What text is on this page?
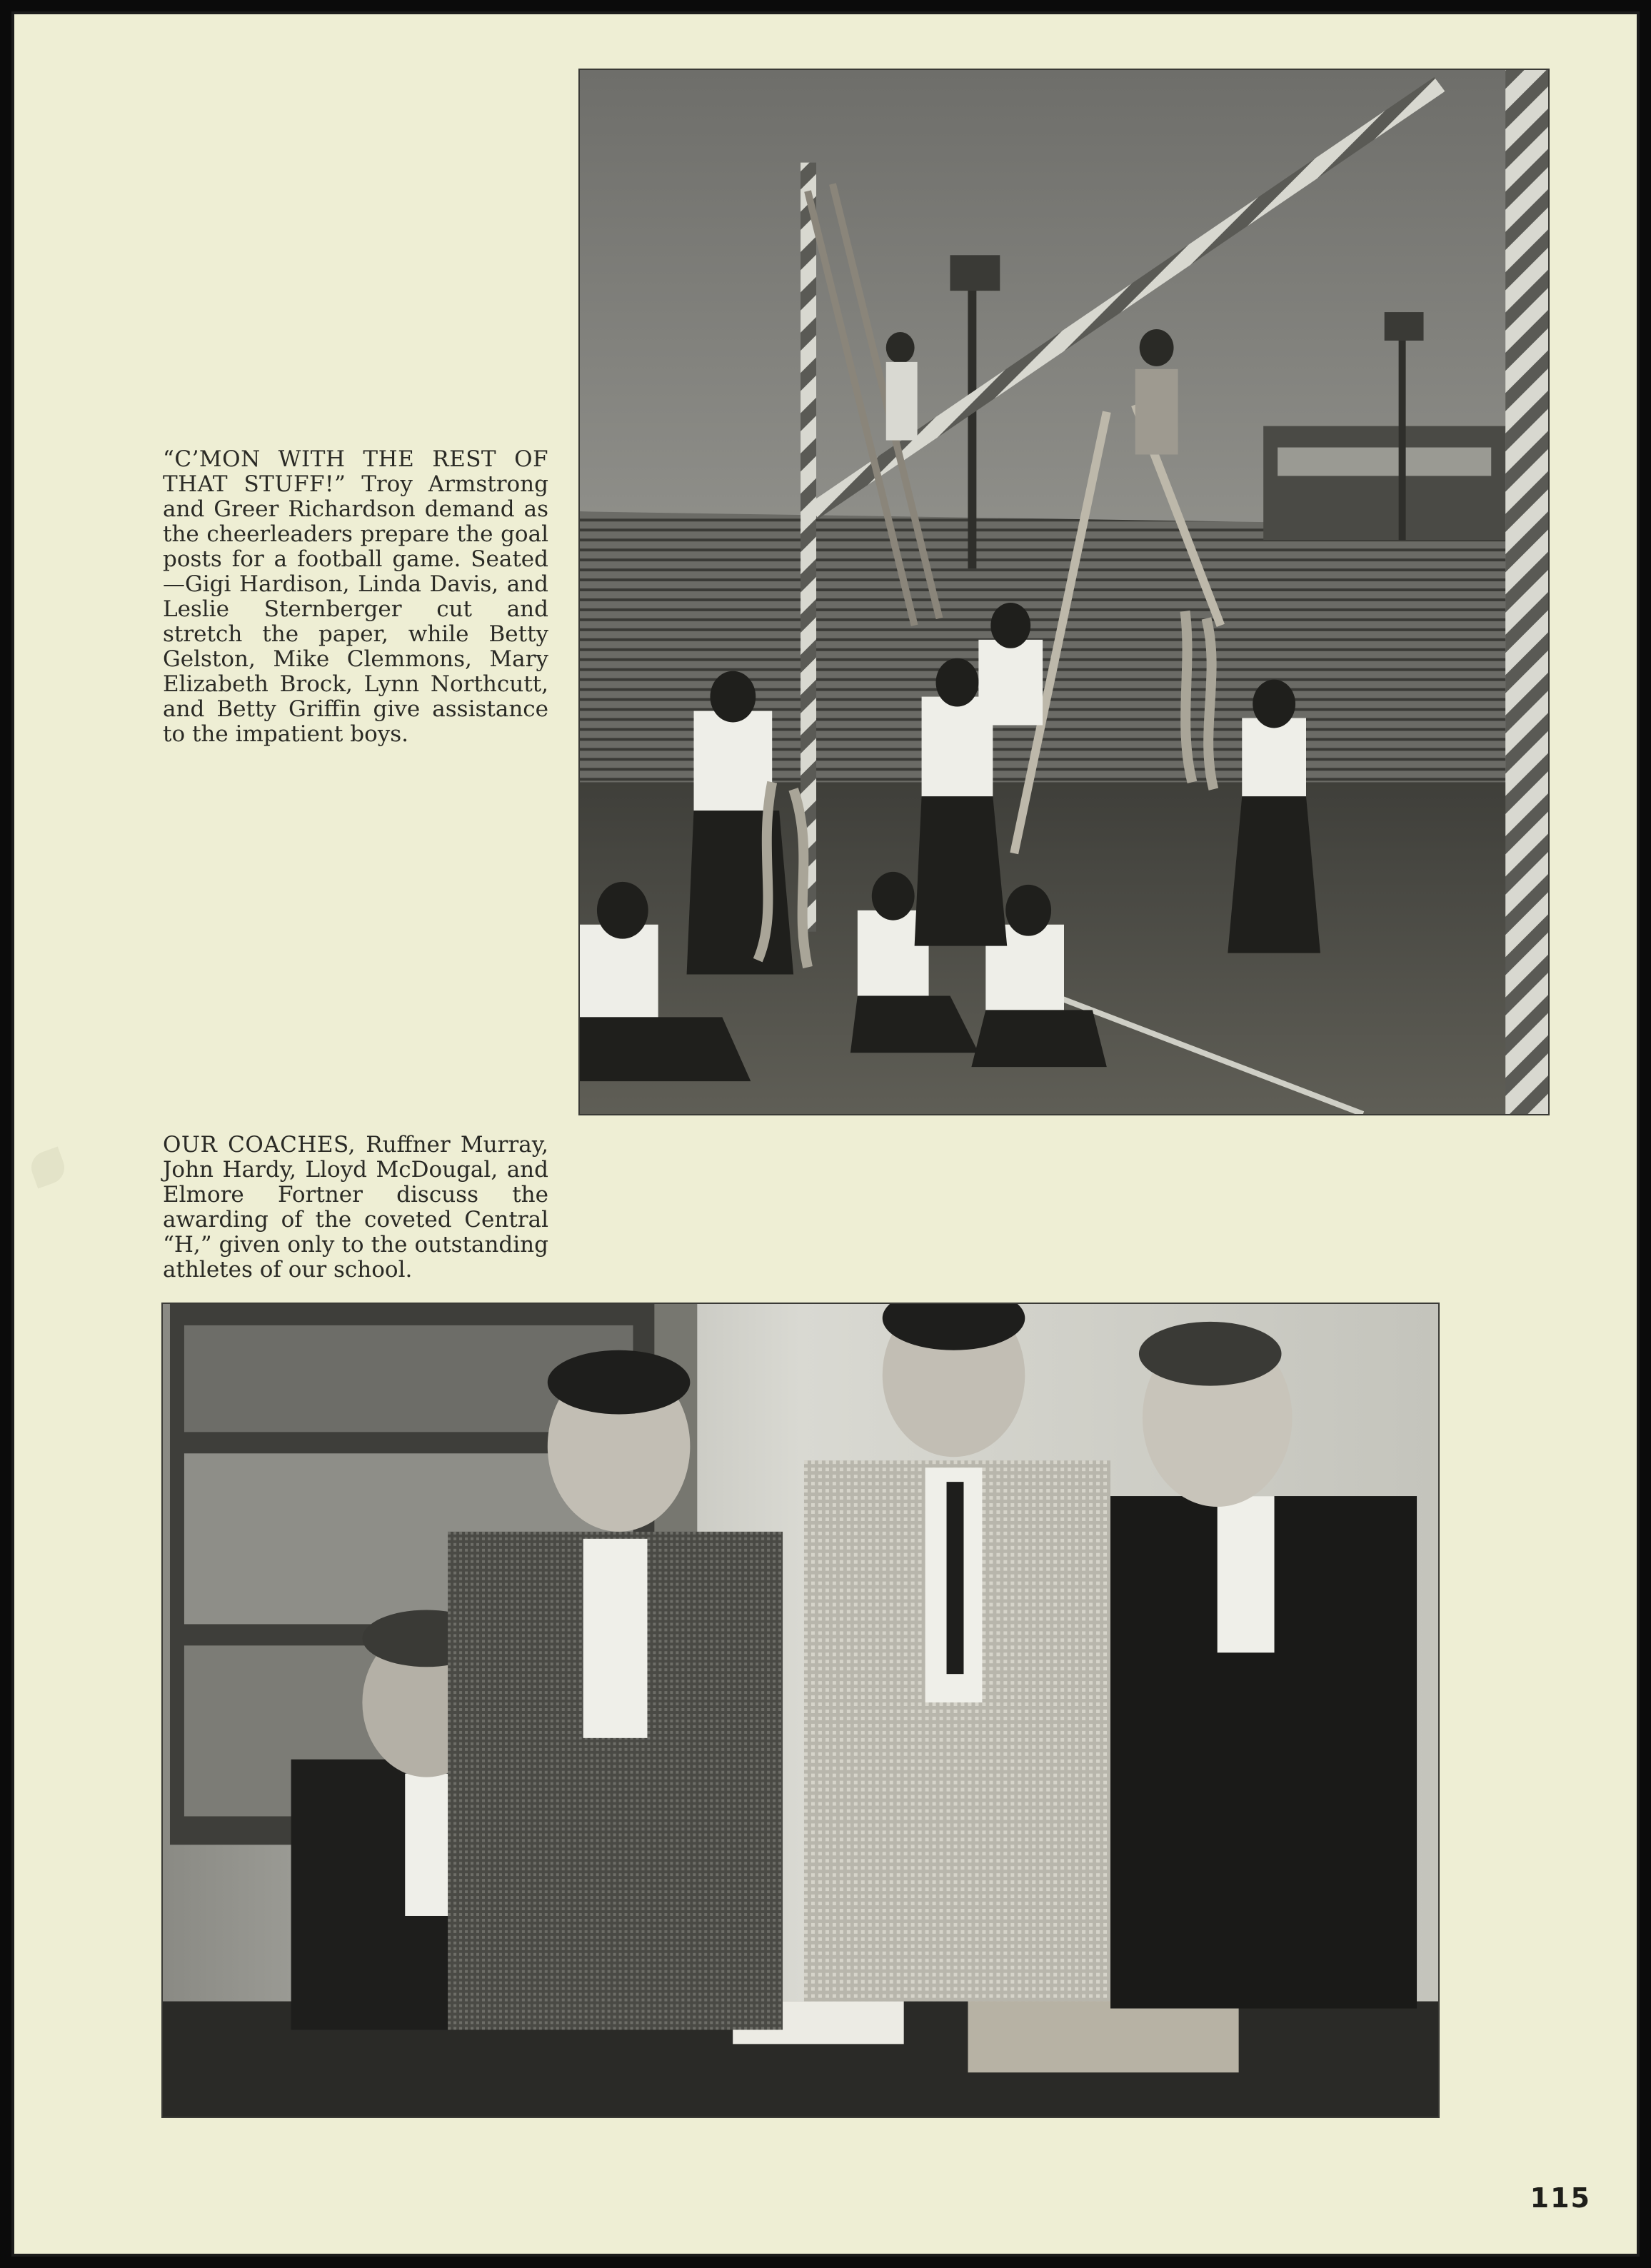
“C’MON WITH THE REST OF THAT STUFF!” Troy Armstrong and Greer Richardson demand as the cheerleaders prepare the goal posts for a football game. Seated—Gigi Hardison, Linda Davis, and Leslie Sternberger cut and stretch the paper, while Betty Gelston, Mike Clemmons, Mary Elizabeth Brock, Lynn Northcutt, and Betty Griffin give assistance to the impatient boys.

OUR COACHES, Ruffner Murray, John Hardy, Lloyd McDougal, and Elmore Fortner discuss the awarding of the coveted Central “H,” given only to the outstanding athletes of our school.

115
